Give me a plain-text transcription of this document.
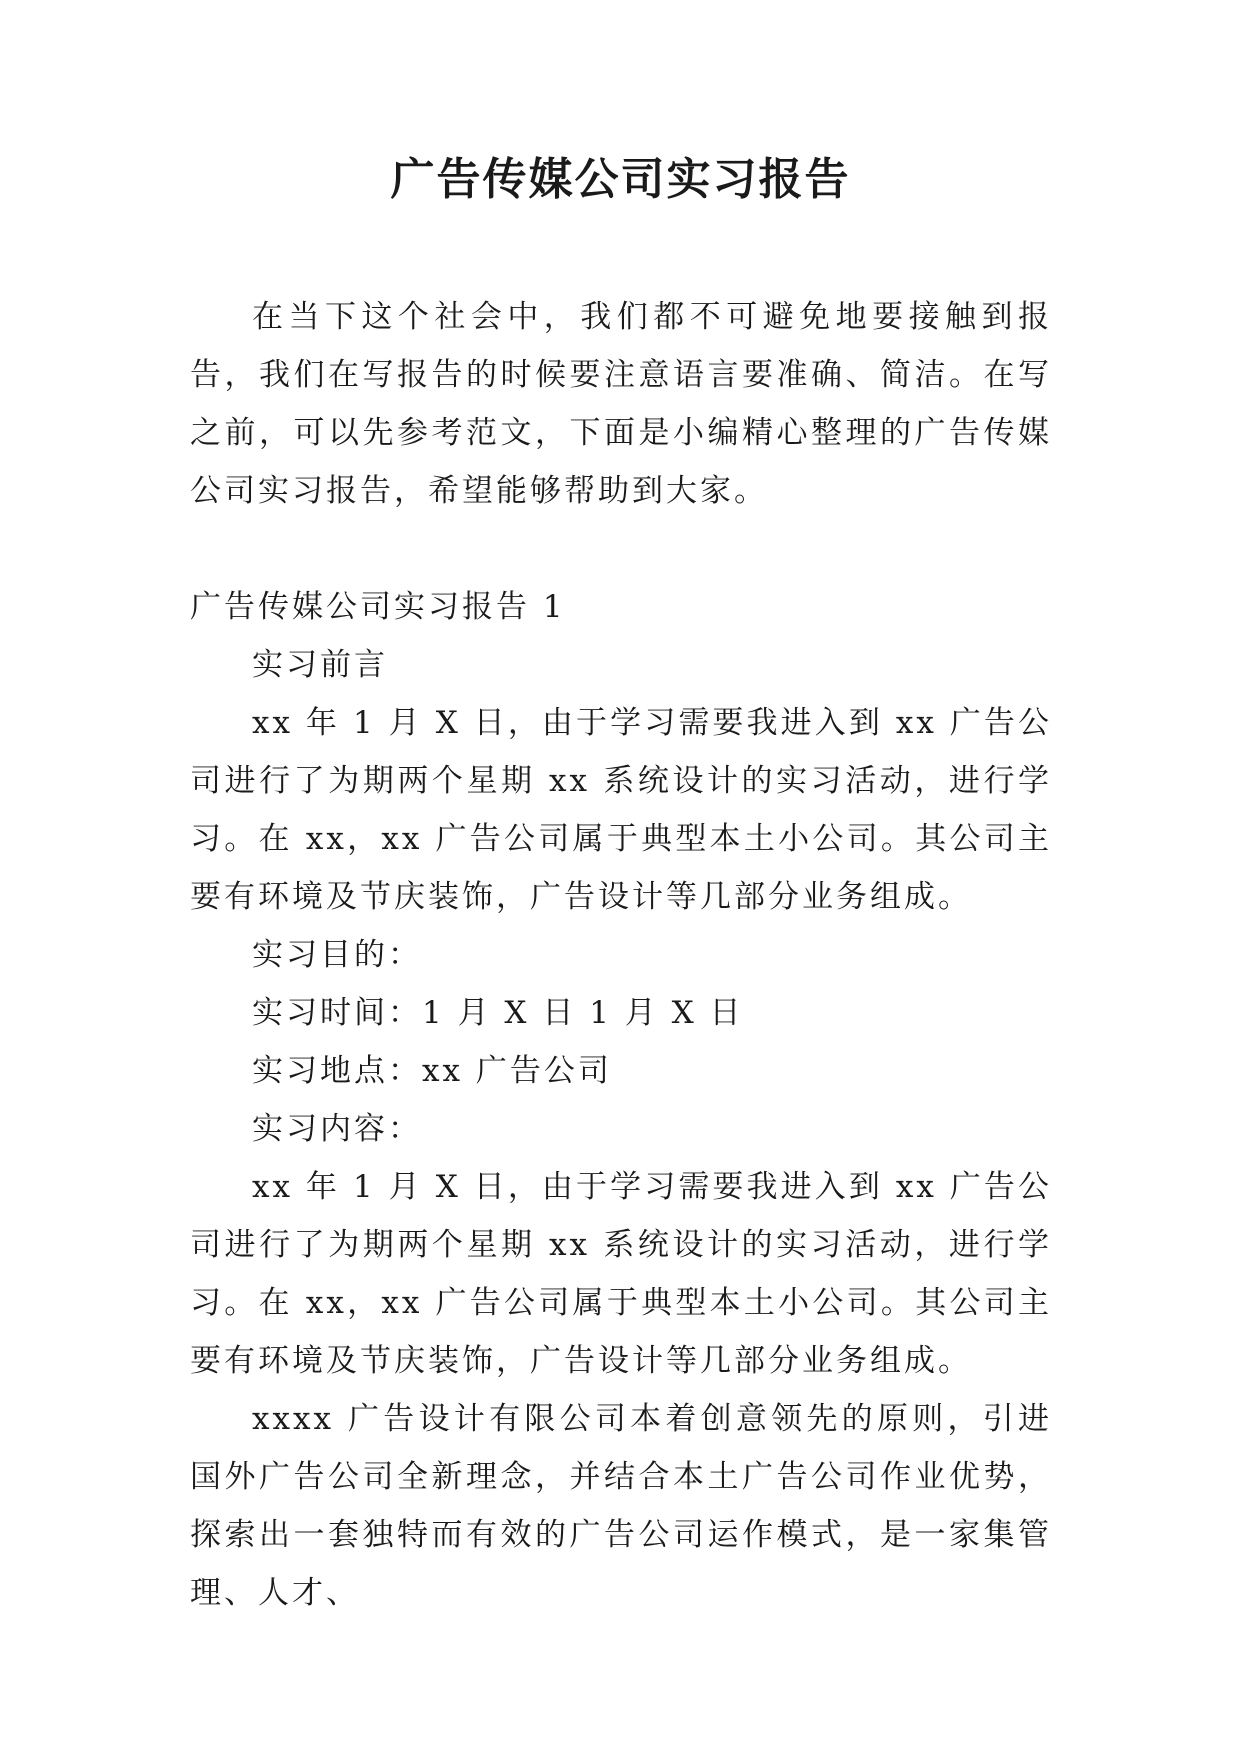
广告传媒公司实习报告

在当下这个社会中，我们都不可避免地要接触到报告，我们在写报告的时候要注意语言要准确、简洁。在写之前，可以先参考范文，下面是小编精心整理的广告传媒公司实习报告，希望能够帮助到大家。

广告传媒公司实习报告 1

实习前言

xx 年 1 月 X 日，由于学习需要我进入到 xx 广告公司进行了为期两个星期 xx 系统设计的实习活动，进行学习。在 xx，xx 广告公司属于典型本土小公司。其公司主要有环境及节庆装饰，广告设计等几部分业务组成。

实习目的：

实习时间：1 月 X 日 1 月 X 日

实习地点：xx 广告公司

实习内容：

xx 年 1 月 X 日，由于学习需要我进入到 xx 广告公司进行了为期两个星期 xx 系统设计的实习活动，进行学习。在 xx，xx 广告公司属于典型本土小公司。其公司主要有环境及节庆装饰，广告设计等几部分业务组成。

xxxx 广告设计有限公司本着创意领先的原则，引进国外广告公司全新理念，并结合本土广告公司作业优势，探索出一套独特而有效的广告公司运作模式，是一家集管理、人才、
